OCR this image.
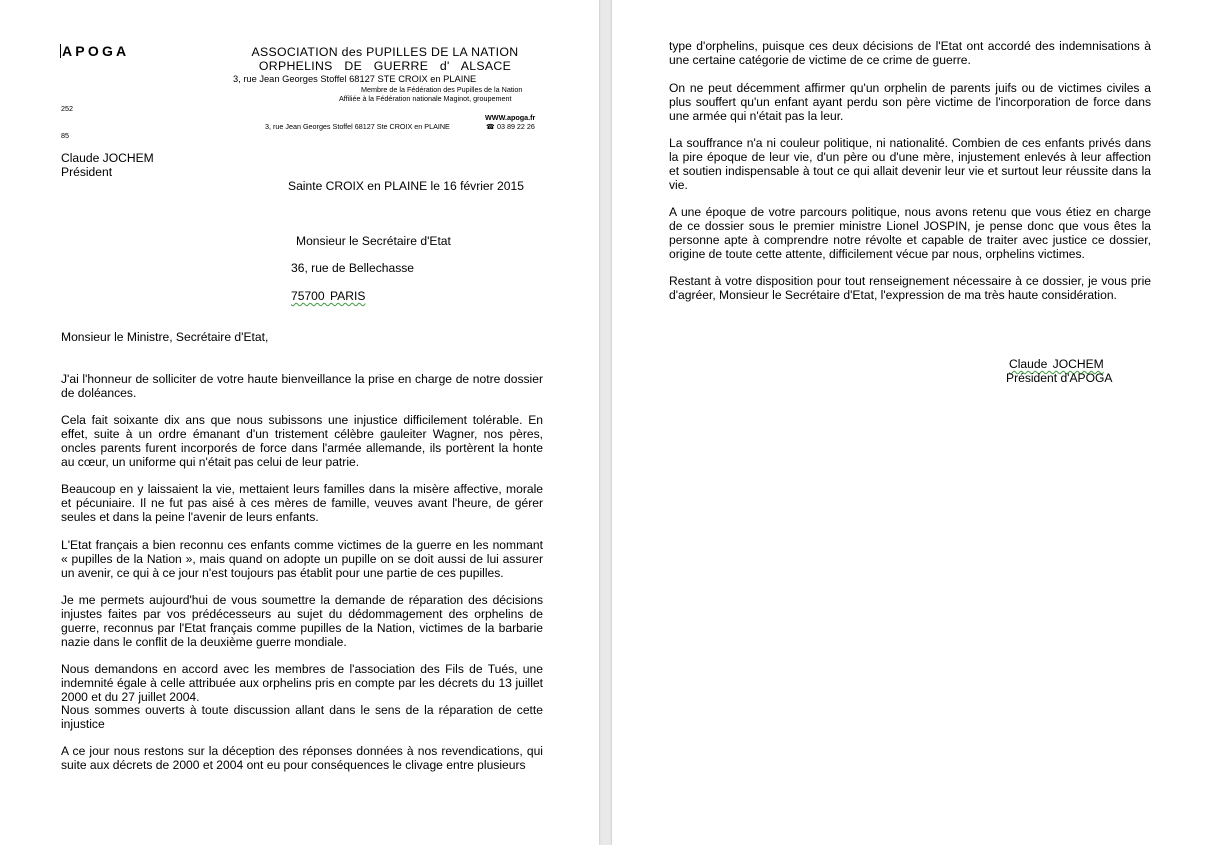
APOGA	ASSOCIATION des PUPILLES DE LA NATION
ORPHELINS DE GUERRE d' ALSACE
3, rue Jean Georges Stoffel 68127 STE CROIX en PLAINE
Membre de la Fédération des Pupilles de la Nation
Affiliée à la Fédération nationale Maginot, groupement
252
WWW.apoga.fr
☎ 03 89 22 26
85
3, rue Jean Georges Stoffel 68127 Ste CROIX en PLAINE
Claude JOCHEM
Président
Sainte CROIX en PLAINE le 16 février 2015
Monsieur le Secrétaire d'Etat
36, rue de Bellechasse
75700 PARIS
Monsieur le Ministre, Secrétaire d'Etat,
J'ai l'honneur de solliciter de votre haute bienveillance la prise en charge de notre dossier de doléances.
Cela fait soixante dix ans que nous subissons une injustice difficilement tolérable. En effet, suite à un ordre émanant d'un tristement célèbre gauleiter Wagner, nos pères, oncles parents furent incorporés de force dans l'armée allemande, ils portèrent la honte au cœur, un uniforme qui n'était pas celui de leur patrie.
Beaucoup en y laissaient la vie, mettaient leurs familles dans la misère affective, morale et pécuniaire. Il ne fut pas aisé à ces mères de famille, veuves avant l'heure, de gérer seules et dans la peine l'avenir de leurs enfants.
L'Etat français a bien reconnu ces enfants comme victimes de la guerre en les nommant « pupilles de la Nation », mais quand on adopte un pupille on se doit aussi de lui assurer un avenir, ce qui à ce jour n'est toujours pas établit pour une partie de ces pupilles.
Je me permets aujourd'hui de vous soumettre la demande de réparation des décisions injustes faites par vos prédécesseurs au sujet du dédommagement des orphelins de guerre, reconnus par l'Etat français comme pupilles de la Nation, victimes de la barbarie nazie dans le conflit de la deuxième guerre mondiale.
Nous demandons en accord avec les membres de l'association des Fils de Tués, une indemnité égale à celle attribuée aux orphelins pris en compte par les décrets du 13 juillet 2000 et du 27 juillet 2004.
Nous sommes ouverts à toute discussion allant dans le sens de la réparation de cette injustice
A ce jour nous restons sur la déception des réponses données à nos revendications, qui suite aux décrets de 2000 et 2004 ont eu pour conséquences le clivage entre plusieurs
type d'orphelins, puisque ces deux décisions de l'Etat ont accordé des indemnisations à une certaine catégorie de victime de ce crime de guerre.
On ne peut décemment affirmer qu'un orphelin de parents juifs ou de victimes civiles a plus souffert qu'un enfant ayant perdu son père victime de l'incorporation de force dans une armée qui n'était pas la leur.
La souffrance n'a ni couleur politique, ni nationalité. Combien de ces enfants privés dans la pire époque de leur vie, d'un père ou d'une mère, injustement enlevés à leur affection et soutien indispensable à tout ce qui allait devenir leur vie et surtout leur réussite dans la vie.
A une époque de votre parcours politique, nous avons retenu que vous étiez en charge de ce dossier sous le premier ministre Lionel JOSPIN, je pense donc que vous êtes la personne apte à comprendre notre révolte et capable de traiter avec justice ce dossier, origine de toute cette attente, difficilement vécue par nous, orphelins victimes.
Restant à votre disposition pour tout renseignement nécessaire à ce dossier, je vous prie d'agréer, Monsieur le Secrétaire d'Etat, l'expression de ma très haute considération.
Claude JOCHEM
Président d'APOGA
